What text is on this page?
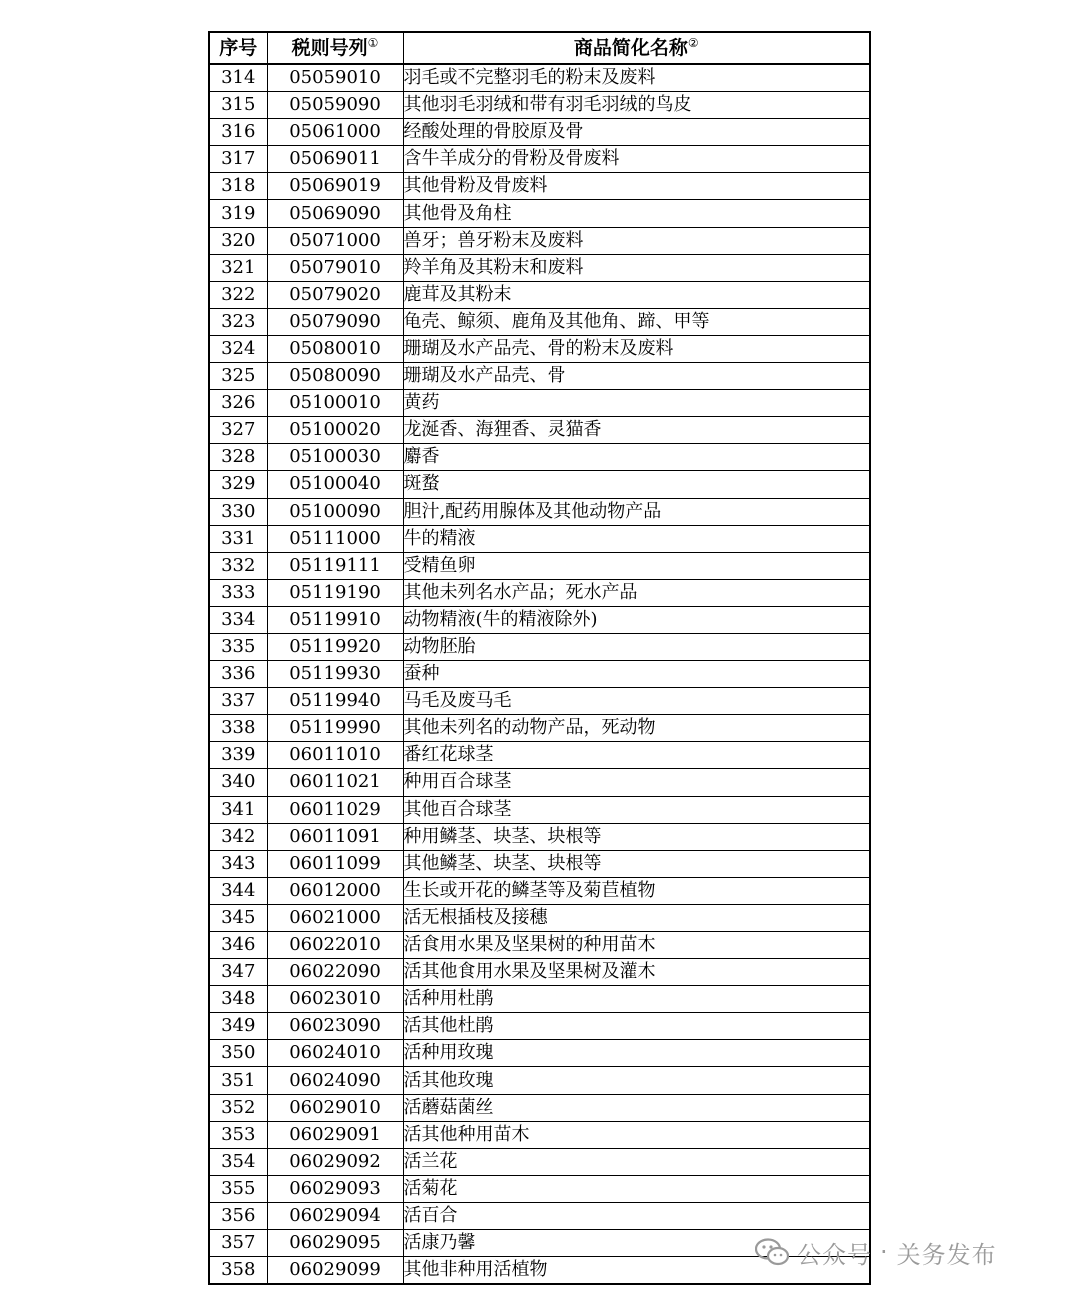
序号	税则号列①	商品简化名称②
314	05059010	羽毛或不完整羽毛的粉末及废料
315	05059090	其他羽毛羽绒和带有羽毛羽绒的鸟皮
316	05061000	经酸处理的骨胶原及骨
317	05069011	含牛羊成分的骨粉及骨废料
318	05069019	其他骨粉及骨废料
319	05069090	其他骨及角柱
320	05071000	兽牙；兽牙粉末及废料
321	05079010	羚羊角及其粉末和废料
322	05079020	鹿茸及其粉末
323	05079090	龟壳、鲸须、鹿角及其他角、蹄、甲等
324	05080010	珊瑚及水产品壳、骨的粉末及废料
325	05080090	珊瑚及水产品壳、骨
326	05100010	黄药
327	05100020	龙涎香、海狸香、灵猫香
328	05100030	麝香
329	05100040	斑蝥
330	05100090	胆汁,配药用腺体及其他动物产品
331	05111000	牛的精液
332	05119111	受精鱼卵
333	05119190	其他未列名水产品；死水产品
334	05119910	动物精液(牛的精液除外)
335	05119920	动物胚胎
336	05119930	蚕种
337	05119940	马毛及废马毛
338	05119990	其他未列名的动物产品，死动物
339	06011010	番红花球茎
340	06011021	种用百合球茎
341	06011029	其他百合球茎
342	06011091	种用鳞茎、块茎、块根等
343	06011099	其他鳞茎、块茎、块根等
344	06012000	生长或开花的鳞茎等及菊苣植物
345	06021000	活无根插枝及接穗
346	06022010	活食用水果及坚果树的种用苗木
347	06022090	活其他食用水果及坚果树及灌木
348	06023010	活种用杜鹃
349	06023090	活其他杜鹃
350	06024010	活种用玫瑰
351	06024090	活其他玫瑰
352	06029010	活蘑菇菌丝
353	06029091	活其他种用苗木
354	06029092	活兰花
355	06029093	活菊花
356	06029094	活百合
357	06029095	活康乃馨
358	06029099	其他非种用活植物
公众号 · 关务发布
